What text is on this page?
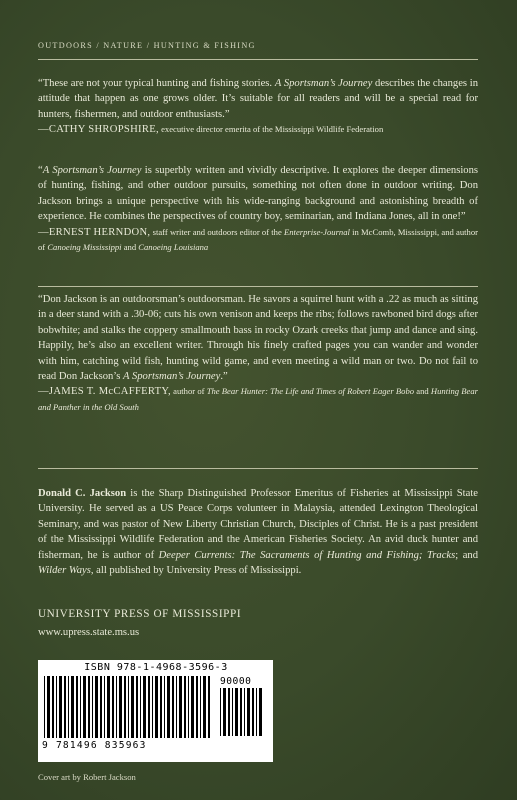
OUTDOORS / NATURE / HUNTING & FISHING
“These are not your typical hunting and fishing stories. A Sportsman’s Journey describes the changes in attitude that happen as one grows older. It’s suitable for all readers and will be a special read for hunters, fishermen, and outdoor enthusiasts.”
—CATHY SHROPSHIRE, executive director emerita of the Mississippi Wildlife Federation
“A Sportsman’s Journey is superbly written and vividly descriptive. It explores the deeper dimensions of hunting, fishing, and other outdoor pursuits, something not often done in outdoor writing. Don Jackson brings a unique perspective with his wide-ranging background and astonishing breadth of experience. He combines the perspectives of country boy, seminarian, and Indiana Jones, all in one!”
—ERNEST HERNDON, staff writer and outdoors editor of the Enterprise-Journal in McComb, Mississippi, and author of Canoeing Mississippi and Canoeing Louisiana
“Don Jackson is an outdoorsman’s outdoorsman. He savors a squirrel hunt with a .22 as much as sitting in a deer stand with a .30-06; cuts his own venison and keeps the ribs; follows rawboned bird dogs after bobwhite; and stalks the coppery smallmouth bass in rocky Ozark creeks that jump and dance and sing. Happily, he’s also an excellent writer. Through his finely crafted pages you can wander and wonder with him, catching wild fish, hunting wild game, and even meeting a wild man or two. Do not fail to read Don Jackson’s A Sportsman’s Journey.”
—JAMES T. McCAFFERTY, author of The Bear Hunter: The Life and Times of Robert Eager Bobo and Hunting Bear and Panther in the Old South
Donald C. Jackson is the Sharp Distinguished Professor Emeritus of Fisheries at Mississippi State University. He served as a US Peace Corps volunteer in Malaysia, attended Lexington Theological Seminary, and was pastor of New Liberty Christian Church, Disciples of Christ. He is a past president of the Mississippi Wildlife Federation and the American Fisheries Society. An avid duck hunter and fisherman, he is author of Deeper Currents: The Sacraments of Hunting and Fishing; Tracks; and Wilder Ways, all published by University Press of Mississippi.
UNIVERSITY PRESS OF MISSISSIPPI
www.upress.state.ms.us
ISBN 978-1-4968-3596-3
90000
9 781496 835963
Cover art by Robert Jackson
